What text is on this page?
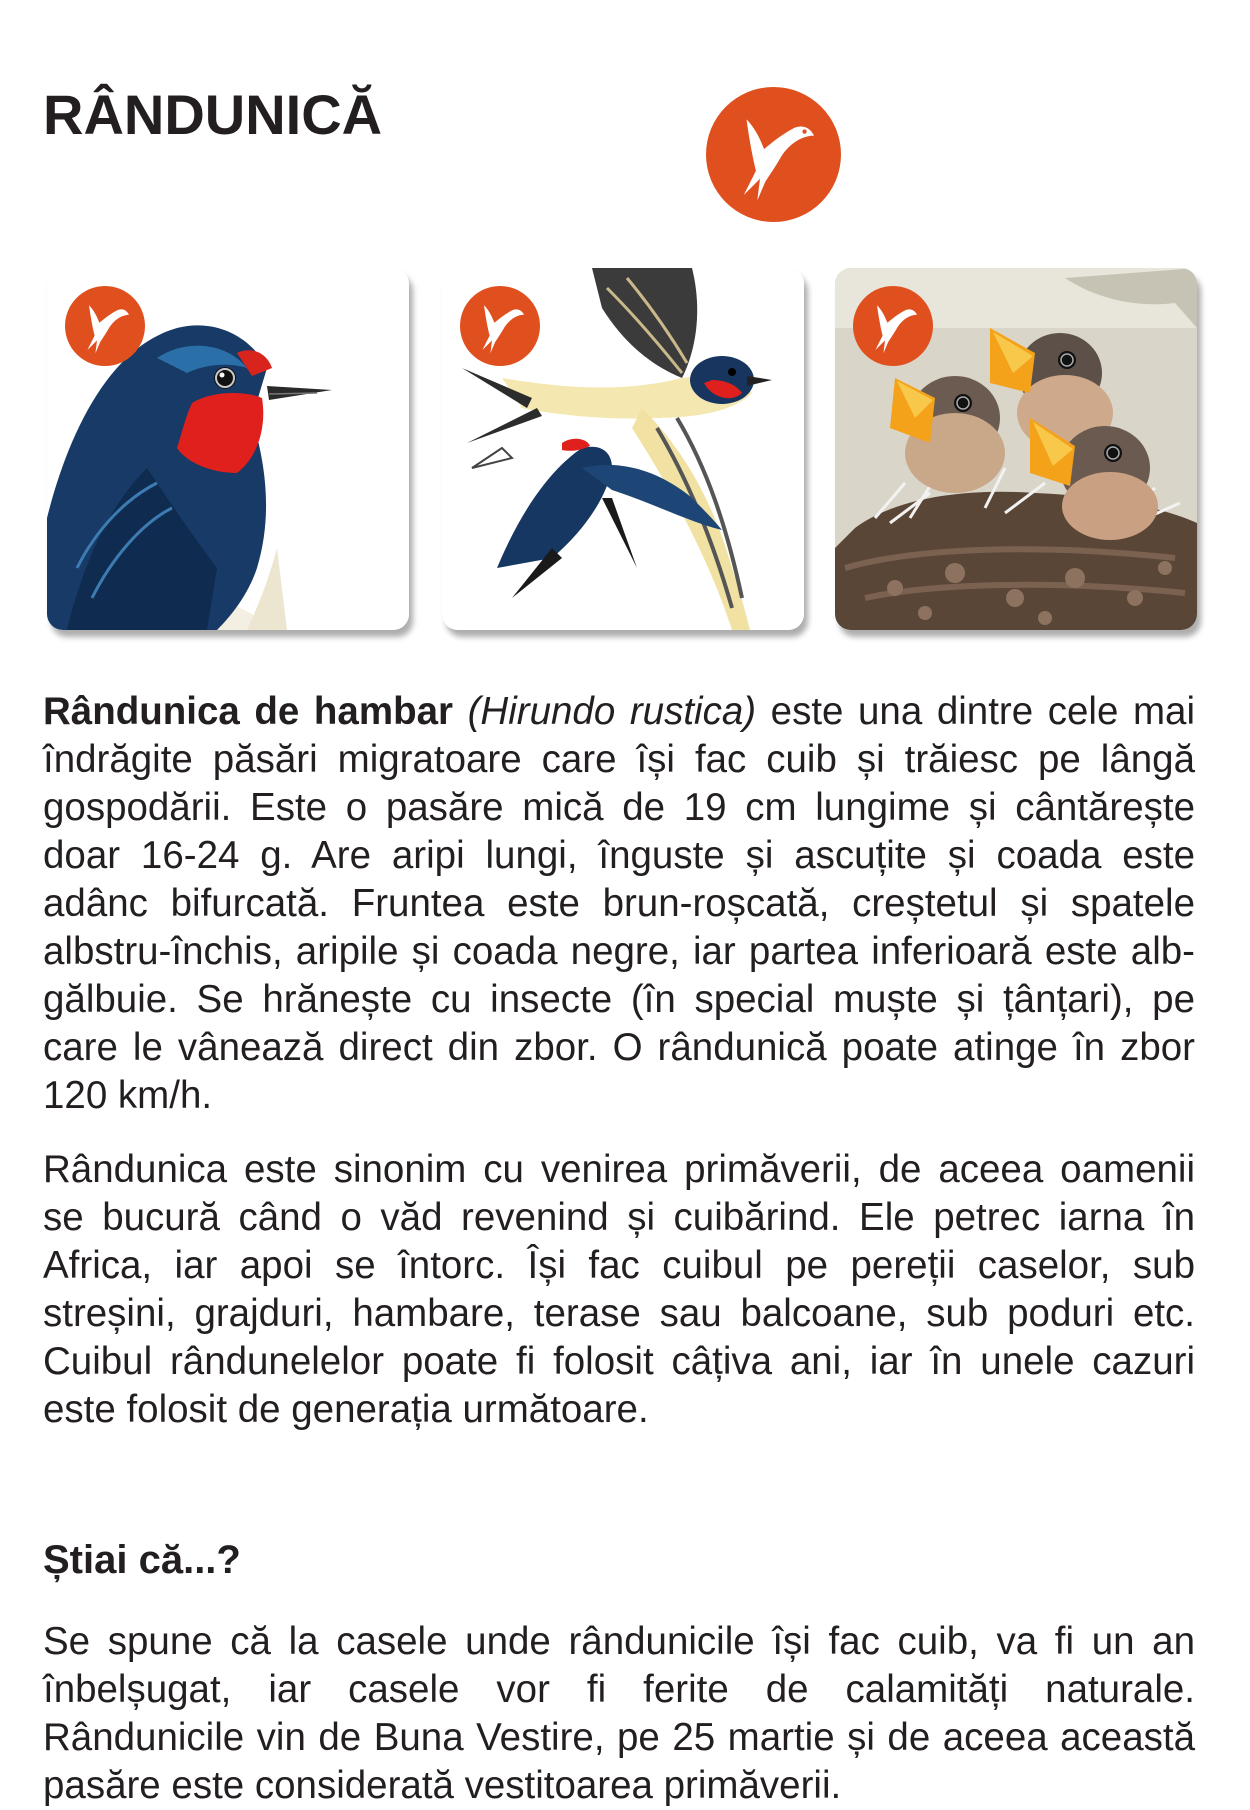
RÂNDUNICĂ

Rândunica de hambar (Hirundo rustica) este una dintre cele mai îndrăgite păsări migratoare care își fac cuib și trăiesc pe lângă gospodării. Este o pasăre mică de 19 cm lungime și cântărește doar 16-24 g. Are aripi lungi, înguste și ascuțite și coada este adânc bifurcată. Fruntea este brun-roșcată, creștetul și spatele albstru-închis, aripile și coada negre, iar partea inferioară este alb-gălbuie. Se hrănește cu insecte (în special muște și țânțari), pe care le vânează direct din zbor. O rândunică poate atinge în zbor 120 km/h.

Rândunica este sinonim cu venirea primăverii, de aceea oamenii se bucură când o văd revenind și cuibărind. Ele petrec iarna în Africa, iar apoi se întorc. Își fac cuibul pe pereții caselor, sub streșini, grajduri, hambare, terase sau balcoane, sub poduri etc. Cuibul rândunelelor poate fi folosit câțiva ani, iar în unele cazuri este folosit de generația următoare.

Știai că...?

Se spune că la casele unde rândunicile își fac cuib, va fi un an înbelșugat, iar casele vor fi ferite de calamități naturale. Rândunicile vin de Buna Vestire, pe 25 martie și de aceea această pasăre este considerată vestitoarea primăverii.
